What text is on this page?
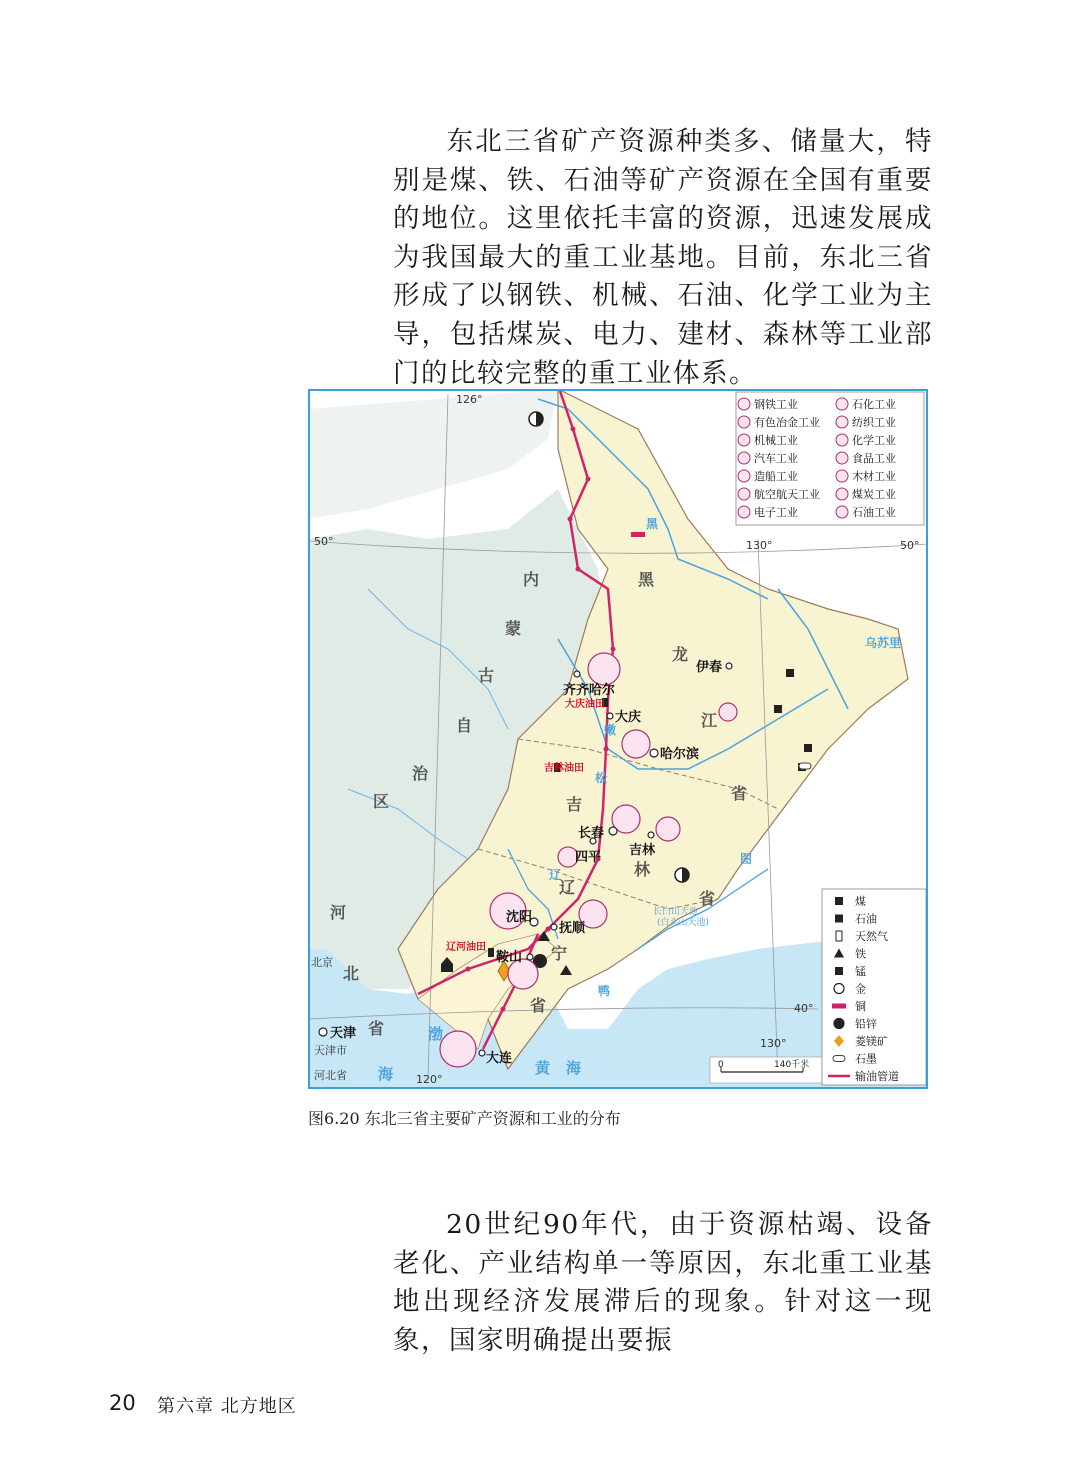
东北三省矿产资源种类多、储量大，特别是煤、铁、石油等矿产资源在全国有重要的地位。这里依托丰富的资源，迅速发展成为我国最大的重工业基地。目前，东北三省形成了以钢铁、机械、石油、化学工业为主导，包括煤炭、电力、建材、森林等工业部门的比较完整的重工业体系。

126°
50°	130°	50°
40°
130°
120°
内
蒙
古
自
治
区
黑
龙
江
省
吉
林
省
辽
宁
省
河
北
省	渤
海	黄 海
北京
天津市
河北省
黑
松
嫩
辽
鸭
图
乌苏里
齐齐哈尔
伊春
大庆
哈尔滨
长春
吉林
四平
沈阳
抚顺
鞍山
大连
天津
大庆油田
吉林油田
辽河油田
长白山天池
(白头山天池)
0	140千米
钢铁工业	石化工业
有色冶金工业	纺织工业
机械工业	化学工业
汽车工业	食品工业
造船工业	木材工业
航空航天工业	煤炭工业
电子工业	石油工业
煤
石油
天然气
铁
锰
金
铜
铅锌
菱镁矿
石墨
输油管道
图6.20 东北三省主要矿产资源和工业的分布

20世纪90年代，由于资源枯竭、设备老化、产业结构单一等原因，东北重工业基地出现经济发展滞后的现象。针对这一现象，国家明确提出要振

20 第六章 北方地区
